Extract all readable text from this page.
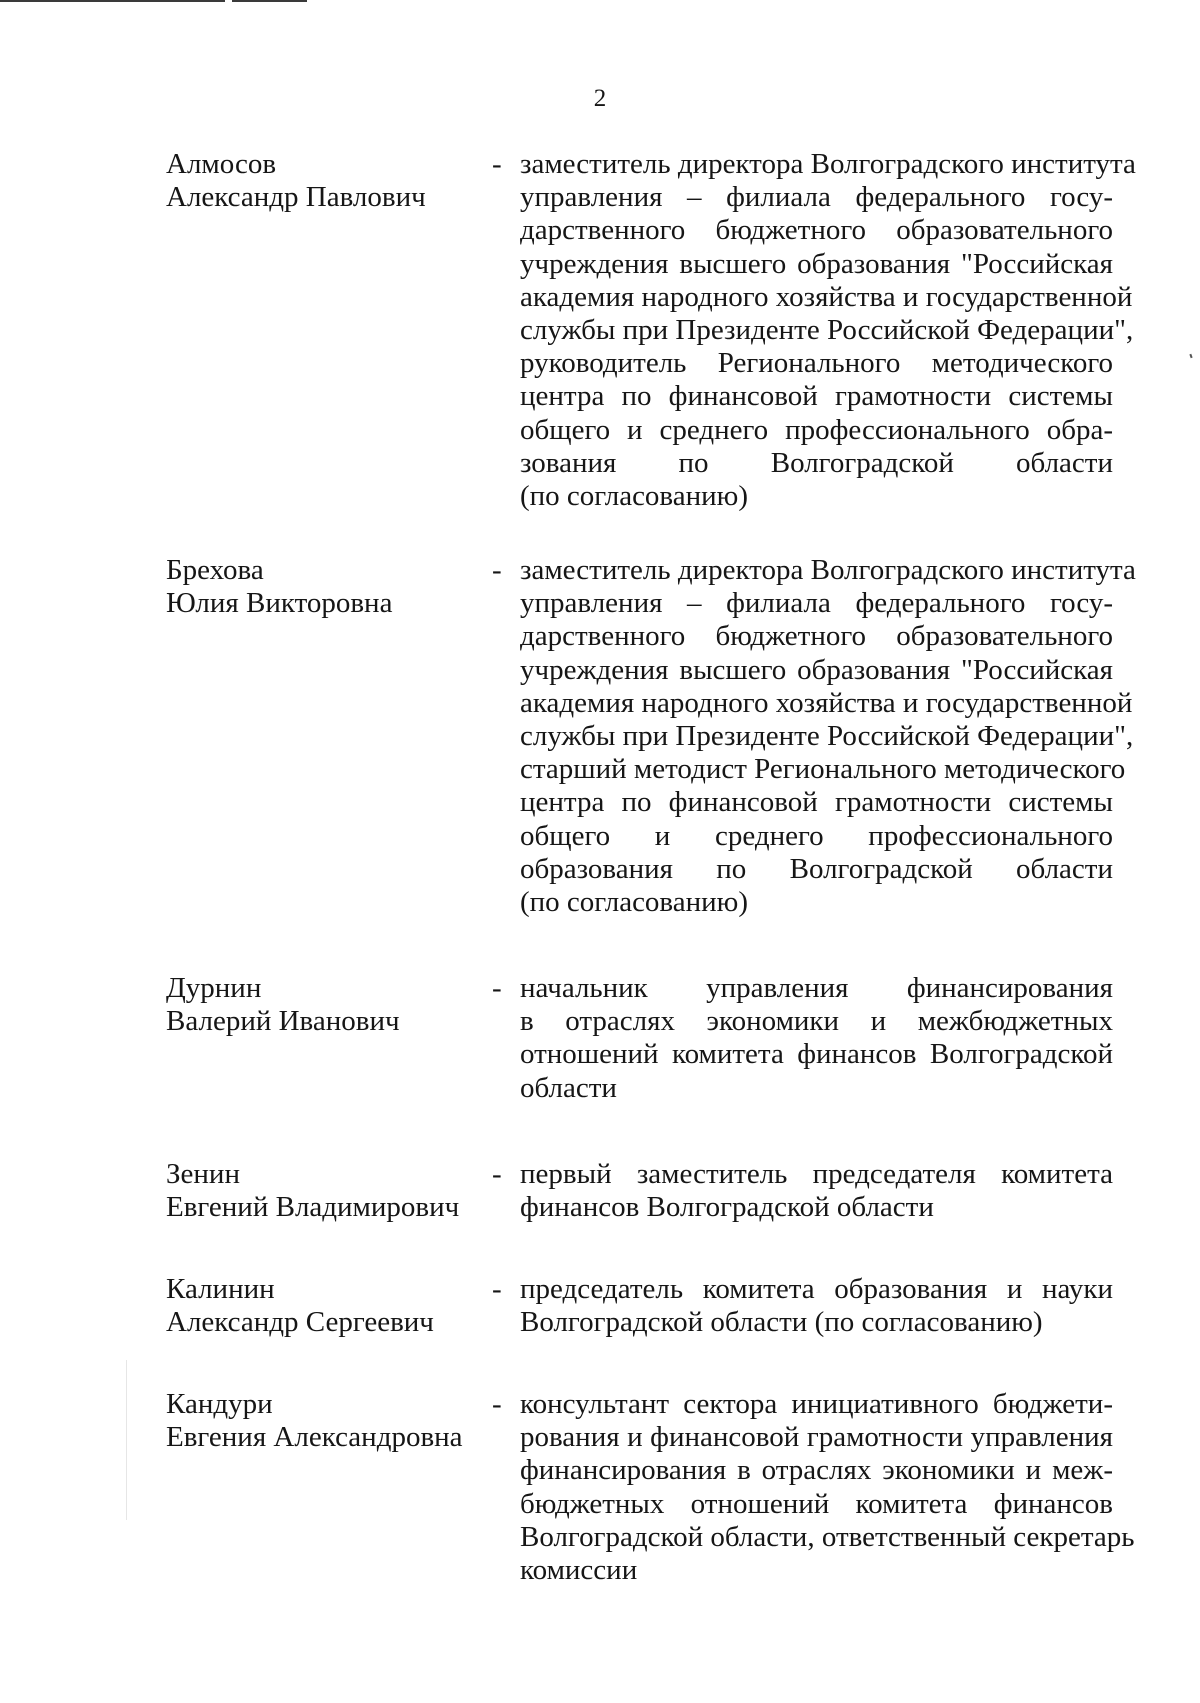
2
Алмосов
Александр Павлович
- заместитель директора Волгоградского института
управления – филиала федерального госу-
дарственного бюджетного образовательного
учреждения высшего образования "Российская
академия народного хозяйства и государственной
службы при Президенте Российской Федерации",
руководитель Регионального методического
центра по финансовой грамотности системы
общего и среднего профессионального обра-
зования по Волгоградской области
(по согласованию)
Брехова
Юлия Викторовна
- заместитель директора Волгоградского института
управления – филиала федерального госу-
дарственного бюджетного образовательного
учреждения высшего образования "Российская
академия народного хозяйства и государственной
службы при Президенте Российской Федерации",
старший методист Регионального методического
центра по финансовой грамотности системы
общего и среднего профессионального
образования по Волгоградской области
(по согласованию)
Дурнин
Валерий Иванович
- начальник управления финансирования
в отраслях экономики и межбюджетных
отношений комитета финансов Волгоградской
области
Зенин
Евгений Владимирович
- первый заместитель председателя комитета
финансов Волгоградской области
Калинин
Александр Сергеевич
- председатель комитета образования и науки
Волгоградской области (по согласованию)
Кандури
Евгения Александровна
- консультант сектора инициативного бюджети-
рования и финансовой грамотности управления
финансирования в отраслях экономики и меж-
бюджетных отношений комитета финансов
Волгоградской области, ответственный секретарь
комиссии
